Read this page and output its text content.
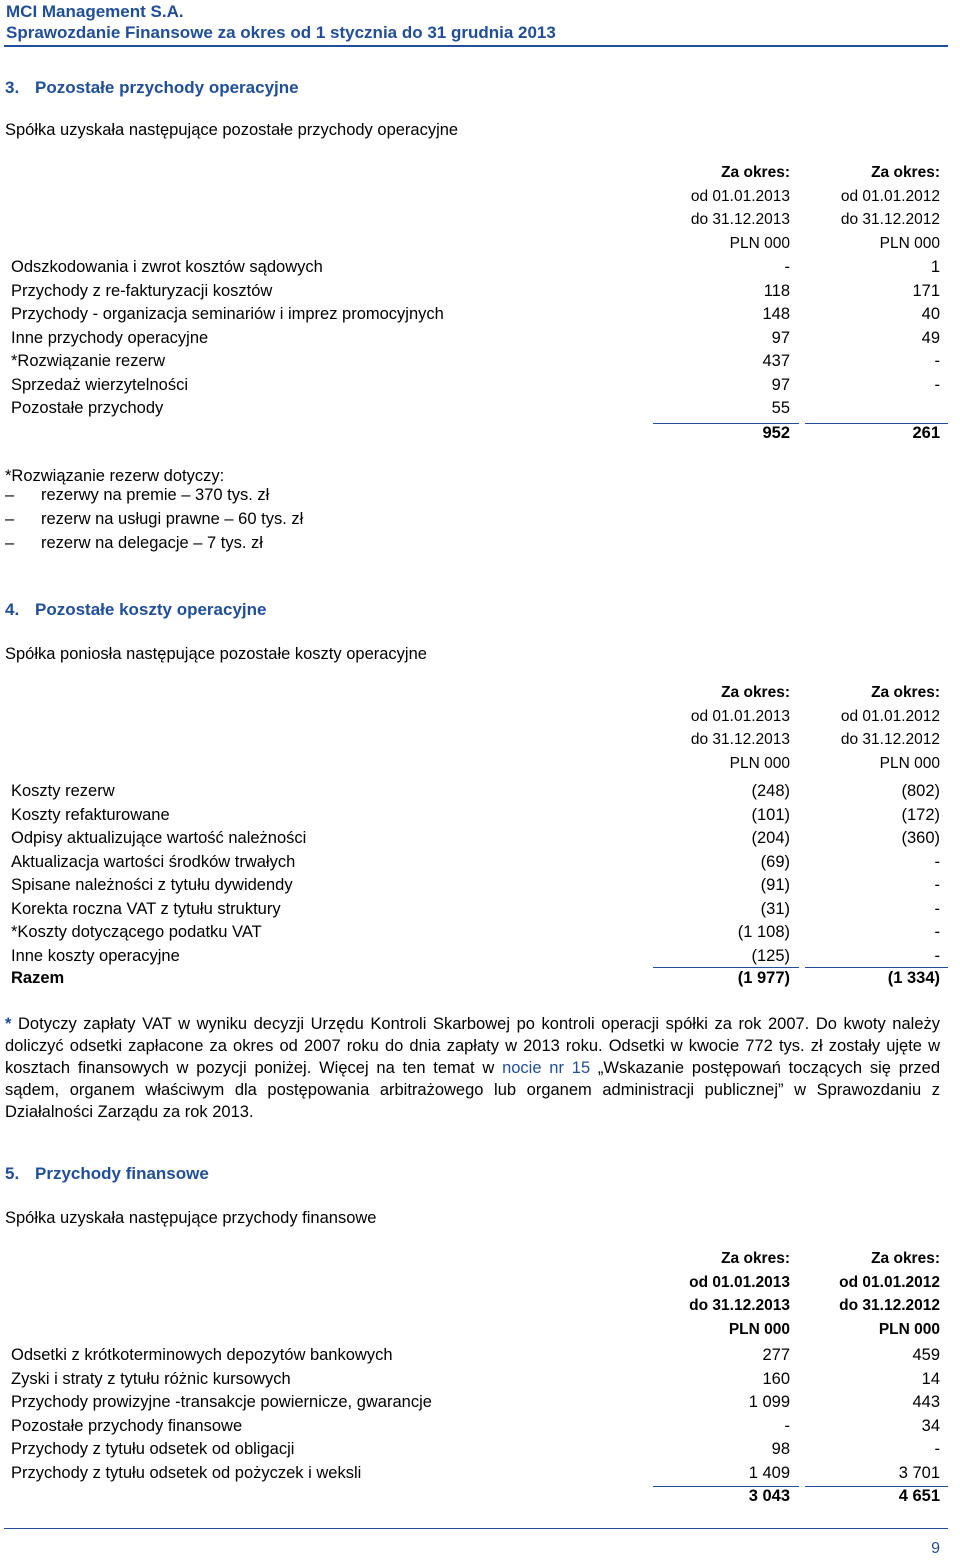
MCI Management S.A.
Sprawozdanie Finansowe za okres od 1 stycznia do 31 grudnia 2013
3. Pozostałe przychody operacyjne
Spółka uzyskała następujące pozostałe przychody operacyjne
Za okres:	Za okres:
od 01.01.2013	od 01.01.2012
do 31.12.2013	do 31.12.2012
PLN 000	PLN 000
Odszkodowania i zwrot kosztów sądowych	-	1
Przychody z re-fakturyzacji kosztów	118	171
Przychody - organizacja seminariów i imprez promocyjnych	148	40
Inne przychody operacyjne	97	49
*Rozwiązanie rezerw	437	-
Sprzedaż wierzytelności	97	-
Pozostałe przychody	55
952	261
*Rozwiązanie rezerw dotyczy:
– rezerwy na premie – 370 tys. zł
– rezerw na usługi prawne – 60 tys. zł
– rezerw na delegacje – 7 tys. zł
4. Pozostałe koszty operacyjne
Spółka poniosła następujące pozostałe koszty operacyjne
Za okres:	Za okres:
od 01.01.2013	od 01.01.2012
do 31.12.2013	do 31.12.2012
PLN 000	PLN 000
Koszty rezerw	(248)	(802)
Koszty refakturowane	(101)	(172)
Odpisy aktualizujące wartość należności	(204)	(360)
Aktualizacja wartości środków trwałych	(69)	-
Spisane należności z tytułu dywidendy	(91)	-
Korekta roczna VAT z tytułu struktury	(31)	-
*Koszty dotyczącego podatku VAT	(1 108)	-
Inne koszty operacyjne	(125)	-
Razem	(1 977)	(1 334)
* Dotyczy zapłaty VAT w wyniku decyzji Urzędu Kontroli Skarbowej po kontroli operacji spółki za rok 2007. Do kwoty należy doliczyć odsetki zapłacone za okres od 2007 roku do dnia zapłaty w 2013 roku. Odsetki w kwocie 772 tys. zł zostały ujęte w kosztach finansowych w pozycji poniżej. Więcej na ten temat w nocie nr 15 „Wskazanie postępowań toczących się przed sądem, organem właściwym dla postępowania arbitrażowego lub organem administracji publicznej” w Sprawozdaniu z Działalności Zarządu za rok 2013.
5. Przychody finansowe
Spółka uzyskała następujące przychody finansowe
Za okres:	Za okres:
od 01.01.2013	od 01.01.2012
do 31.12.2013	do 31.12.2012
PLN 000	PLN 000
Odsetki z krótkoterminowych depozytów bankowych	277	459
Zyski i straty z tytułu różnic kursowych	160	14
Przychody prowizyjne -transakcje powiernicze, gwarancje	1 099	443
Pozostałe przychody finansowe	-	34
Przychody z tytułu odsetek od obligacji	98	-
Przychody z tytułu odsetek od pożyczek i weksli	1 409	3 701
3 043	4 651
9
